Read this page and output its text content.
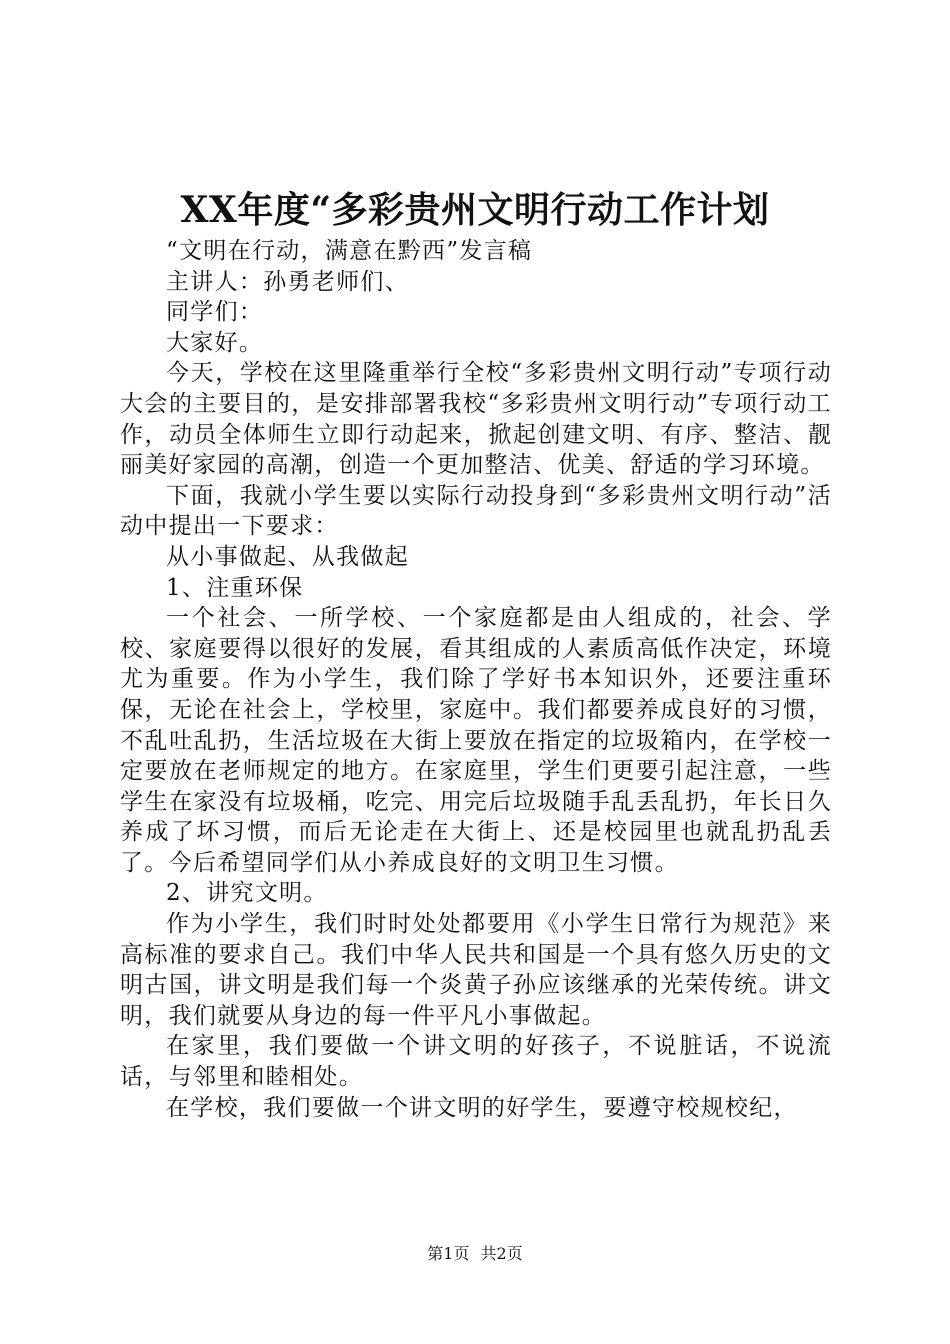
XX年度“多彩贵州文明行动工作计划

“文明在行动，满意在黔西”发言稿

主讲人：孙勇老师们、

同学们：

大家好。

今天，学校在这里隆重举行全校“多彩贵州文明行动”专项行动大会的主要目的，是安排部署我校“多彩贵州文明行动”专项行动工作，动员全体师生立即行动起来，掀起创建文明、有序、整洁、靓丽美好家园的高潮，创造一个更加整洁、优美、舒适的学习环境。

下面，我就小学生要以实际行动投身到“多彩贵州文明行动”活动中提出一下要求：

从小事做起、从我做起

1、注重环保

一个社会、一所学校、一个家庭都是由人组成的，社会、学校、家庭要得以很好的发展，看其组成的人素质高低作决定，环境尤为重要。作为小学生，我们除了学好书本知识外，还要注重环保，无论在社会上，学校里，家庭中。我们都要养成良好的习惯，不乱吐乱扔，生活垃圾在大街上要放在指定的垃圾箱内，在学校一定要放在老师规定的地方。在家庭里，学生们更要引起注意，一些学生在家没有垃圾桶，吃完、用完后垃圾随手乱丢乱扔，年长日久养成了坏习惯，而后无论走在大街上、还是校园里也就乱扔乱丢了。今后希望同学们从小养成良好的文明卫生习惯。

2、讲究文明。

作为小学生，我们时时处处都要用《小学生日常行为规范》来高标准的要求自己。我们中华人民共和国是一个具有悠久历史的文明古国，讲文明是我们每一个炎黄子孙应该继承的光荣传统。讲文明，我们就要从身边的每一件平凡小事做起。

在家里，我们要做一个讲文明的好孩子，不说脏话，不说流话，与邻里和睦相处。

在学校，我们要做一个讲文明的好学生，要遵守校规校纪，

第1页 共2页
